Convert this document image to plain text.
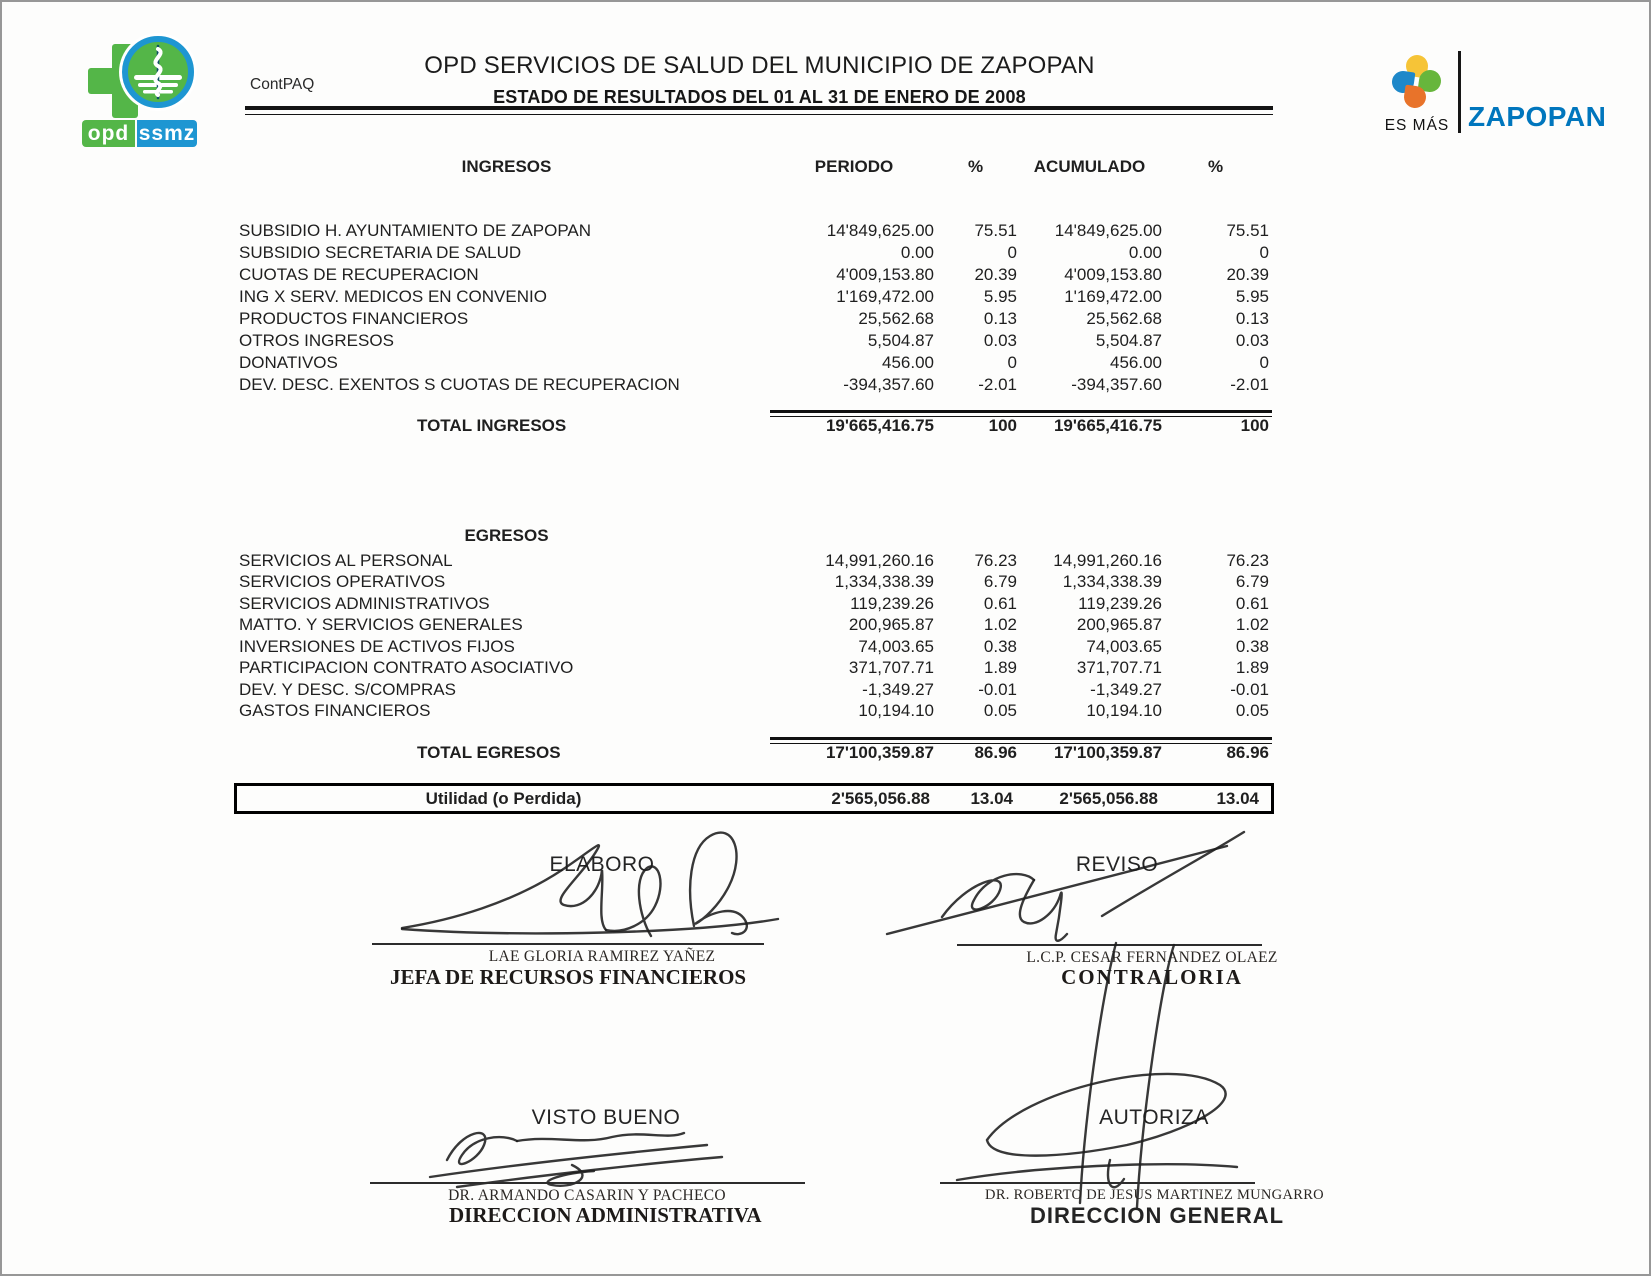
opd ssmz
ContPAQ
OPD SERVICIOS DE SALUD DEL MUNICIPIO DE ZAPOPAN
ESTADO DE RESULTADOS DEL 01 AL 31 DE ENERO DE 2008
ES MÁS ZAPOPAN
INGRESOS	PERIODO	%	ACUMULADO	%
SUBSIDIO H. AYUNTAMIENTO DE ZAPOPAN	14'849,625.00	75.51	14'849,625.00	75.51
SUBSIDIO SECRETARIA DE SALUD	0.00	0	0.00	0
CUOTAS DE RECUPERACION	4'009,153.80	20.39	4'009,153.80	20.39
ING X SERV. MEDICOS EN CONVENIO	1'169,472.00	5.95	1'169,472.00	5.95
PRODUCTOS FINANCIEROS	25,562.68	0.13	25,562.68	0.13
OTROS INGRESOS	5,504.87	0.03	5,504.87	0.03
DONATIVOS	456.00	0	456.00	0
DEV. DESC. EXENTOS S CUOTAS DE RECUPERACION	-394,357.60	-2.01	-394,357.60	-2.01
TOTAL INGRESOS	19'665,416.75	100	19'665,416.75	100
EGRESOS
SERVICIOS AL PERSONAL	14,991,260.16	76.23	14,991,260.16	76.23
SERVICIOS OPERATIVOS	1,334,338.39	6.79	1,334,338.39	6.79
SERVICIOS ADMINISTRATIVOS	119,239.26	0.61	119,239.26	0.61
MATTO. Y SERVICIOS GENERALES	200,965.87	1.02	200,965.87	1.02
INVERSIONES DE ACTIVOS FIJOS	74,003.65	0.38	74,003.65	0.38
PARTICIPACION CONTRATO ASOCIATIVO	371,707.71	1.89	371,707.71	1.89
DEV. Y DESC. S/COMPRAS	-1,349.27	-0.01	-1,349.27	-0.01
GASTOS FINANCIEROS	10,194.10	0.05	10,194.10	0.05
TOTAL EGRESOS	17'100,359.87	86.96	17'100,359.87	86.96
Utilidad (o Perdida)	2'565,056.88	13.04	2'565,056.88	13.04
ELABORO
LAE GLORIA RAMIREZ YAÑEZ
JEFA DE RECURSOS FINANCIEROS
REVISO
L.C.P. CESAR FERNANDEZ OLAEZ
CONTRALORIA
VISTO BUENO
DR. ARMANDO CASARIN Y PACHECO
DIRECCION ADMINISTRATIVA
AUTORIZA
DR. ROBERTO DE JESUS MARTINEZ MUNGARRO
DIRECCION GENERAL
